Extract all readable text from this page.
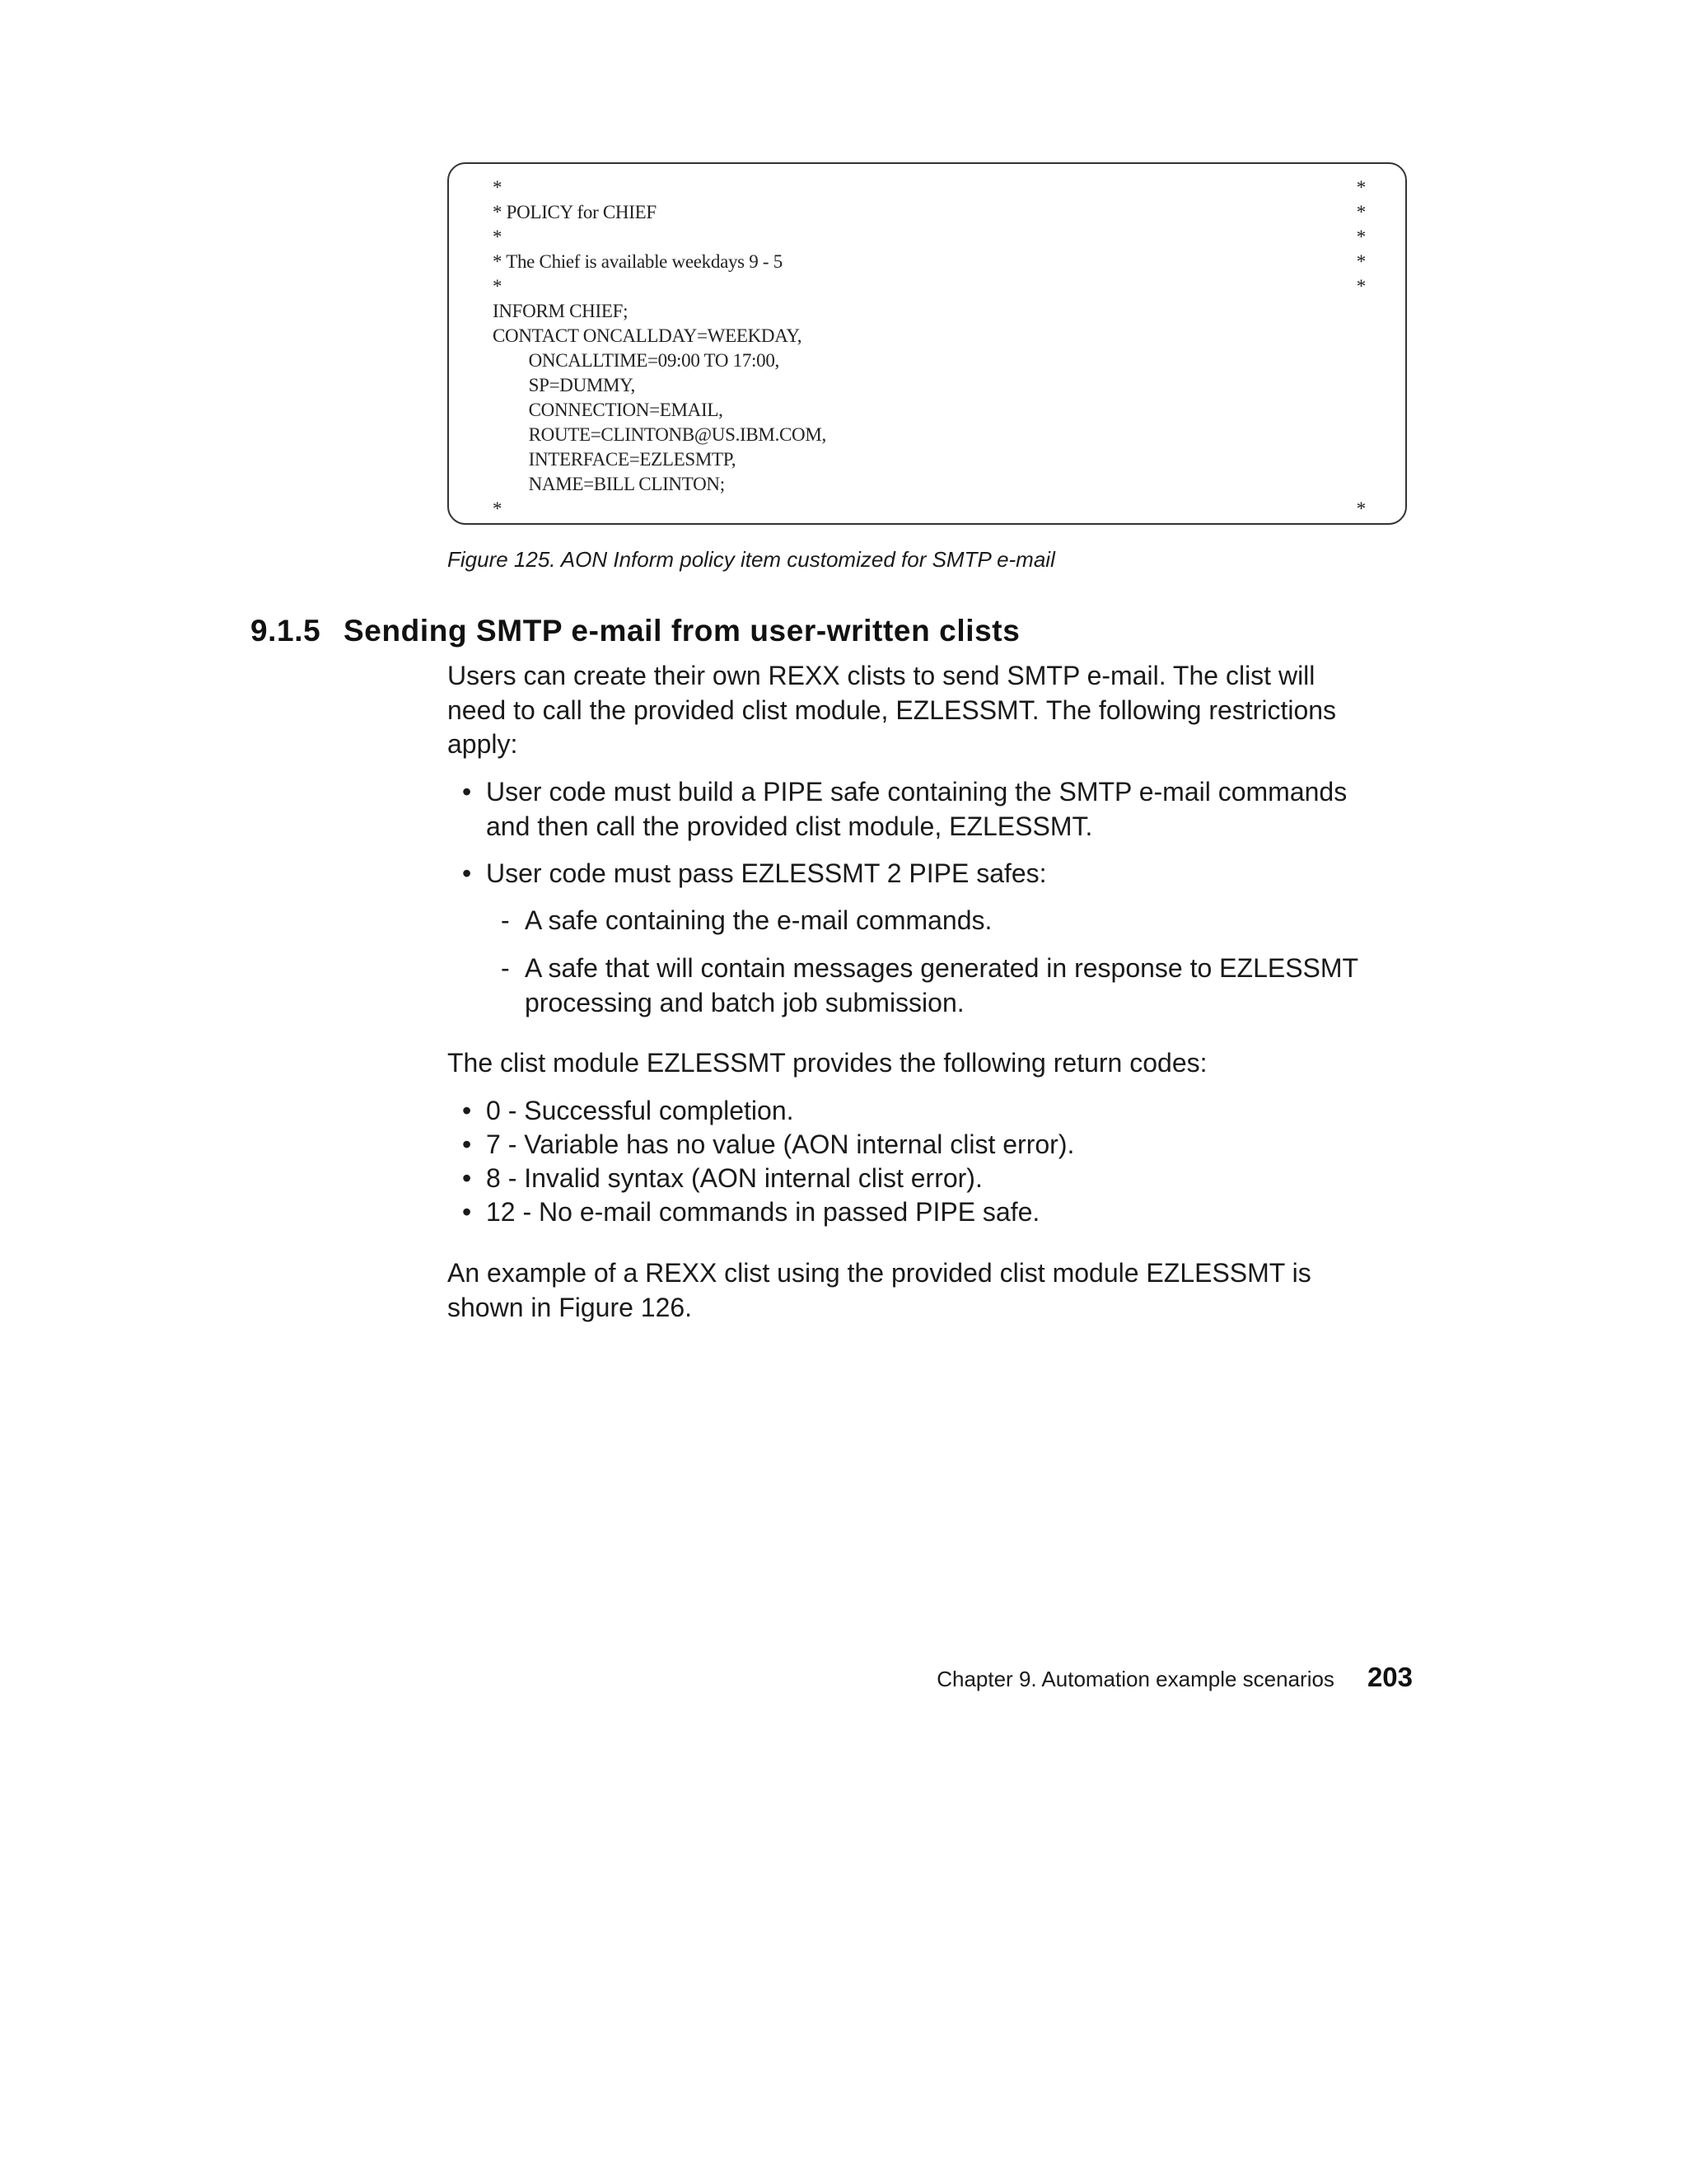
*	*
* POLICY for CHIEF	*
*	*
* The Chief is available weekdays 9 - 5	*
*	*
INFORM CHIEF;
CONTACT ONCALLDAY=WEEKDAY,
ONCALLTIME=09:00 TO 17:00,
SP=DUMMY,
CONNECTION=EMAIL,
ROUTE=CLINTONB@US.IBM.COM,
INTERFACE=EZLESMTP,
NAME=BILL CLINTON;
*	*
Figure 125. AON Inform policy item customized for SMTP e-mail
9.1.5 Sending SMTP e-mail from user-written clists
Users can create their own REXX clists to send SMTP e-mail. The clist will
need to call the provided clist module, EZLESSMT. The following restrictions
apply:
• User code must build a PIPE safe containing the SMTP e-mail commands
and then call the provided clist module, EZLESSMT.
• User code must pass EZLESSMT 2 PIPE safes:
- A safe containing the e-mail commands.
- A safe that will contain messages generated in response to EZLESSMT
processing and batch job submission.
The clist module EZLESSMT provides the following return codes:
• 0 - Successful completion.
• 7 - Variable has no value (AON internal clist error).
• 8 - Invalid syntax (AON internal clist error).
• 12 - No e-mail commands in passed PIPE safe.
An example of a REXX clist using the provided clist module EZLESSMT is
shown in Figure 126.
Chapter 9. Automation example scenarios 203
